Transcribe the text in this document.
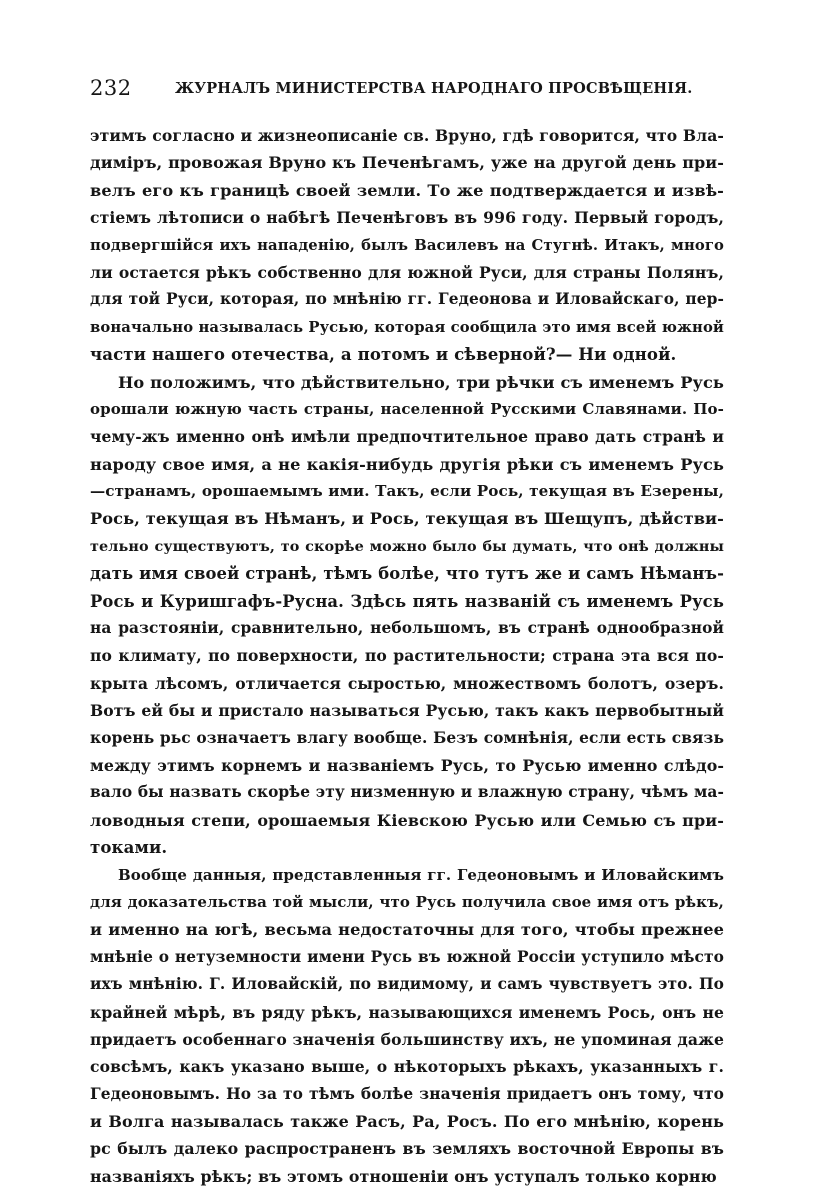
232	ЖУРНАЛЪ МИНИСТЕРСТВА НАРОДНАГО ПРОСВѢЩЕНІЯ.
этимъ согласно и жизнеописаніе св. Вруно, гдѣ говорится, что Вла-
диміръ, провожая Вруно къ Печенѣгамъ, уже на другой день при-
велъ его къ границѣ своей земли. То же подтверждается и извѣ-
стіемъ лѣтописи о набѣгѣ Печенѣговъ въ 996 году. Первый городъ,
подвергшійся ихъ нападенію, былъ Василевъ на Стугнѣ. Итакъ, много
ли остается рѣкъ собственно для южной Руси, для страны Полянъ,
для той Руси, которая, по мнѣнію гг. Гедеонова и Иловайскаго, пер-
воначально называлась Русью, которая сообщила это имя всей южной
части нашего отечества, а потомъ и сѣверной?— Ни одной.
Но положимъ, что дѣйствительно, три рѣчки съ именемъ Русь
орошали южную часть страны, населенной Русскими Славянами. По-
чему-жъ именно онѣ имѣли предпочтительное право дать странѣ и
народу свое имя, а не какія-нибудь другія рѣки съ именемъ Русь
—странамъ, орошаемымъ ими. Такъ, если Рось, текущая въ Езерены,
Рось, текущая въ Нѣманъ, и Рось, текущая въ Шещупъ, дѣйстви-
тельно существуютъ, то скорѣе можно было бы думать, что онѣ должны
дать имя своей странѣ, тѣмъ болѣе, что тутъ же и самъ Нѣманъ-
Рось и Куришгафъ-Русна. Здѣсь пять названій съ именемъ Русь
на разстояніи, сравнительно, небольшомъ, въ странѣ однообразной
по климату, по поверхности, по растительности; страна эта вся по-
крыта лѣсомъ, отличается сыростью, множествомъ болотъ, озеръ.
Вотъ ей бы и пристало называться Русью, такъ какъ первобытный
корень рьс означаетъ влагу вообще. Безъ сомнѣнія, если есть связь
между этимъ корнемъ и названіемъ Русь, то Русью именно слѣдо-
вало бы назвать скорѣе эту низменную и влажную страну, чѣмъ ма-
ловодныя степи, орошаемыя Кіевскою Русью или Семью съ при-
токами.
Вообще данныя, представленныя гг. Гедеоновымъ и Иловайскимъ
для доказательства той мысли, что Русь получила свое имя отъ рѣкъ,
и именно на югѣ, весьма недостаточны для того, чтобы прежнее
мнѣніе о нетуземности имени Русь въ южной Россіи уступило мѣсто
ихъ мнѣнію. Г. Иловайскій, по видимому, и самъ чувствуетъ это. По
крайней мѣрѣ, въ ряду рѣкъ, называющихся именемъ Рось, онъ не
придаетъ особеннаго значенія большинству ихъ, не упоминая даже
совсѣмъ, какъ указано выше, о нѣкоторыхъ рѣкахъ, указанныхъ г.
Гедеоновымъ. Но за то тѣмъ болѣе значенія придаетъ онъ тому, что
и Волга называлась также Расъ, Ра, Росъ. По его мнѣнію, корень
рс былъ далеко распространенъ въ земляхъ восточной Европы въ
названіяхъ рѣкъ; въ этомъ отношеніи онъ уступалъ только корню
